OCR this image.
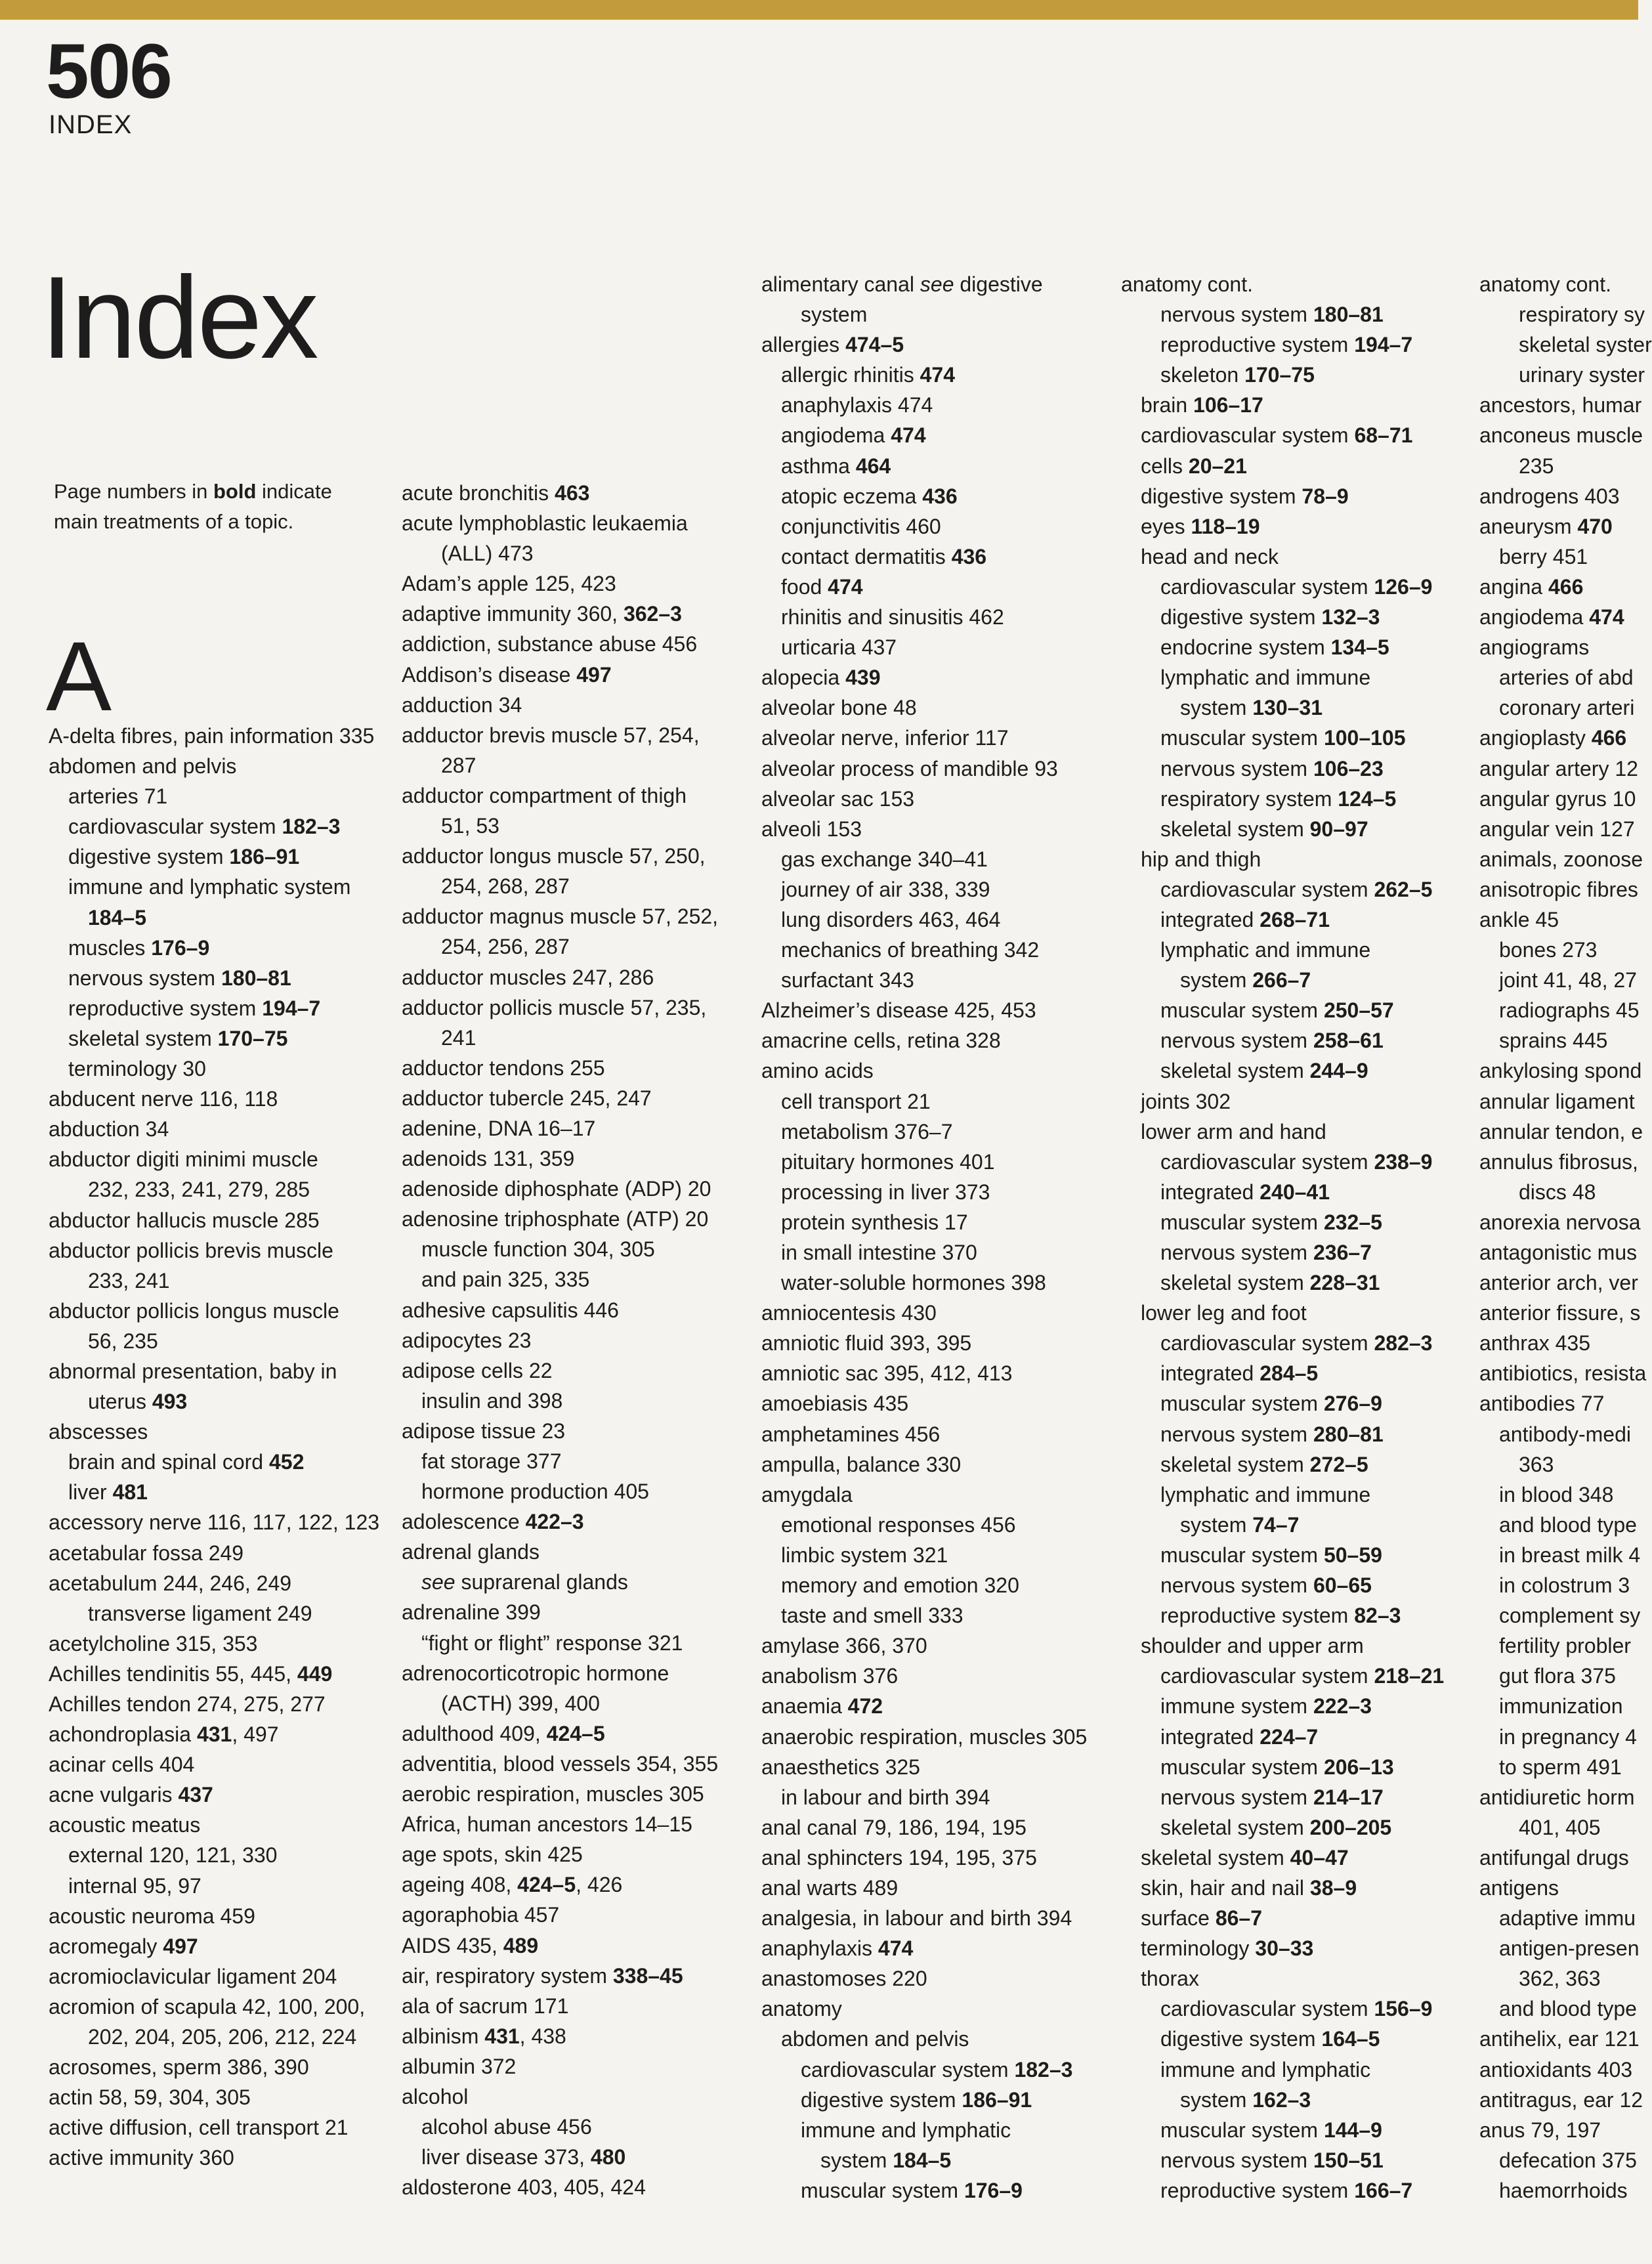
506
INDEX
Index
Page numbers in bold indicate main treatments of a topic.
A
A-delta fibres, pain information 335
abdomen and pelvis
arteries 71
cardiovascular system 182–3
digestive system 186–91
immune and lymphatic system
184–5
muscles 176–9
nervous system 180–81
reproductive system 194–7
skeletal system 170–75
terminology 30
abducent nerve 116, 118
abduction 34
abductor digiti minimi muscle
232, 233, 241, 279, 285
abductor hallucis muscle 285
abductor pollicis brevis muscle
233, 241
abductor pollicis longus muscle
56, 235
abnormal presentation, baby in
uterus 493
abscesses
brain and spinal cord 452
liver 481
accessory nerve 116, 117, 122, 123
acetabular fossa 249
acetabulum 244, 246, 249
transverse ligament 249
acetylcholine 315, 353
Achilles tendinitis 55, 445, 449
Achilles tendon 274, 275, 277
achondroplasia 431, 497
acinar cells 404
acne vulgaris 437
acoustic meatus
external 120, 121, 330
internal 95, 97
acoustic neuroma 459
acromegaly 497
acromioclavicular ligament 204
acromion of scapula 42, 100, 200,
202, 204, 205, 206, 212, 224
acrosomes, sperm 386, 390
actin 58, 59, 304, 305
active diffusion, cell transport 21
active immunity 360
acute bronchitis 463
acute lymphoblastic leukaemia
(ALL) 473
Adam’s apple 125, 423
adaptive immunity 360, 362–3
addiction, substance abuse 456
Addison’s disease 497
adduction 34
adductor brevis muscle 57, 254,
287
adductor compartment of thigh
51, 53
adductor longus muscle 57, 250,
254, 268, 287
adductor magnus muscle 57, 252,
254, 256, 287
adductor muscles 247, 286
adductor pollicis muscle 57, 235,
241
adductor tendons 255
adductor tubercle 245, 247
adenine, DNA 16–17
adenoids 131, 359
adenoside diphosphate (ADP) 20
adenosine triphosphate (ATP) 20
muscle function 304, 305
and pain 325, 335
adhesive capsulitis 446
adipocytes 23
adipose cells 22
insulin and 398
adipose tissue 23
fat storage 377
hormone production 405
adolescence 422–3
adrenal glands
see suprarenal glands
adrenaline 399
“fight or flight” response 321
adrenocorticotropic hormone
(ACTH) 399, 400
adulthood 409, 424–5
adventitia, blood vessels 354, 355
aerobic respiration, muscles 305
Africa, human ancestors 14–15
age spots, skin 425
ageing 408, 424–5, 426
agoraphobia 457
AIDS 435, 489
air, respiratory system 338–45
ala of sacrum 171
albinism 431, 438
albumin 372
alcohol
alcohol abuse 456
liver disease 373, 480
aldosterone 403, 405, 424
alimentary canal see digestive
system
allergies 474–5
allergic rhinitis 474
anaphylaxis 474
angiodema 474
asthma 464
atopic eczema 436
conjunctivitis 460
contact dermatitis 436
food 474
rhinitis and sinusitis 462
urticaria 437
alopecia 439
alveolar bone 48
alveolar nerve, inferior 117
alveolar process of mandible 93
alveolar sac 153
alveoli 153
gas exchange 340–41
journey of air 338, 339
lung disorders 463, 464
mechanics of breathing 342
surfactant 343
Alzheimer’s disease 425, 453
amacrine cells, retina 328
amino acids
cell transport 21
metabolism 376–7
pituitary hormones 401
processing in liver 373
protein synthesis 17
in small intestine 370
water-soluble hormones 398
amniocentesis 430
amniotic fluid 393, 395
amniotic sac 395, 412, 413
amoebiasis 435
amphetamines 456
ampulla, balance 330
amygdala
emotional responses 456
limbic system 321
memory and emotion 320
taste and smell 333
amylase 366, 370
anabolism 376
anaemia 472
anaerobic respiration, muscles 305
anaesthetics 325
in labour and birth 394
anal canal 79, 186, 194, 195
anal sphincters 194, 195, 375
anal warts 489
analgesia, in labour and birth 394
anaphylaxis 474
anastomoses 220
anatomy
abdomen and pelvis
cardiovascular system 182–3
digestive system 186–91
immune and lymphatic
system 184–5
muscular system 176–9
anatomy cont.
nervous system 180–81
reproductive system 194–7
skeleton 170–75
brain 106–17
cardiovascular system 68–71
cells 20–21
digestive system 78–9
eyes 118–19
head and neck
cardiovascular system 126–9
digestive system 132–3
endocrine system 134–5
lymphatic and immune
system 130–31
muscular system 100–105
nervous system 106–23
respiratory system 124–5
skeletal system 90–97
hip and thigh
cardiovascular system 262–5
integrated 268–71
lymphatic and immune
system 266–7
muscular system 250–57
nervous system 258–61
skeletal system 244–9
joints 302
lower arm and hand
cardiovascular system 238–9
integrated 240–41
muscular system 232–5
nervous system 236–7
skeletal system 228–31
lower leg and foot
cardiovascular system 282–3
integrated 284–5
muscular system 276–9
nervous system 280–81
skeletal system 272–5
lymphatic and immune
system 74–7
muscular system 50–59
nervous system 60–65
reproductive system 82–3
shoulder and upper arm
cardiovascular system 218–21
immune system 222–3
integrated 224–7
muscular system 206–13
nervous system 214–17
skeletal system 200–205
skeletal system 40–47
skin, hair and nail 38–9
surface 86–7
terminology 30–33
thorax
cardiovascular system 156–9
digestive system 164–5
immune and lymphatic
system 162–3
muscular system 144–9
nervous system 150–51
reproductive system 166–7
anatomy cont.
respiratory sy
skeletal syster
urinary syster
ancestors, humar
anconeus muscle
235
androgens 403
aneurysm 470
berry 451
angina 466
angiodema 474
angiograms
arteries of abd
coronary arteri
angioplasty 466
angular artery 12
angular gyrus 10
angular vein 127
animals, zoonose
anisotropic fibres
ankle 45
bones 273
joint 41, 48, 27
radiographs 45
sprains 445
ankylosing spond
annular ligament
annular tendon, e
annulus fibrosus,
discs 48
anorexia nervosa
antagonistic mus
anterior arch, ver
anterior fissure, s
anthrax 435
antibiotics, resista
antibodies 77
antibody-medi
363
in blood 348
and blood type
in breast milk 4
in colostrum 3
complement sy
fertility probler
gut flora 375
immunization
in pregnancy 4
to sperm 491
antidiuretic horm
401, 405
antifungal drugs
antigens
adaptive immu
antigen-presen
362, 363
and blood type
antihelix, ear 121
antioxidants 403
antitragus, ear 12
anus 79, 197
defecation 375
haemorrhoids
